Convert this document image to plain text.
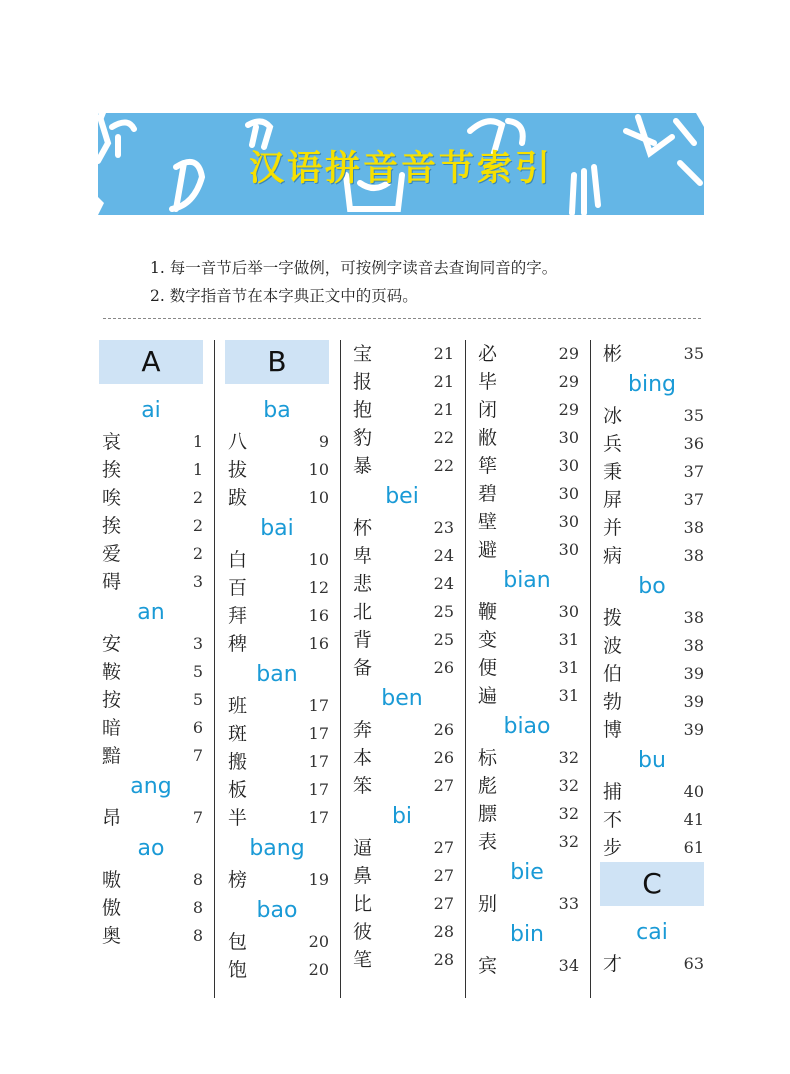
汉语拼音音节索引
1. 每一音节后举一字做例，可按例字读音去查询同音的字。
2. 数字指音节在本字典正文中的页码。
A
ai
哀	1
挨	1
唉	2
挨	2
爱	2
碍	3
an
安	3
鞍	5
按	5
暗	6
黯	7
ang
昂	7
ao
嗷	8
傲	8
奥	8
B
ba
八	9
拔	10
跋	10
bai
白	10
百	12
拜	16
稗	16
ban
班	17
斑	17
搬	17
板	17
半	17
bang
榜	19
bao
包	20
饱	20
宝	21
报	21
抱	21
豹	22
暴	22
bei
杯	23
卑	24
悲	24
北	25
背	25
备	26
ben
奔	26
本	26
笨	27
bi
逼	27
鼻	27
比	27
彼	28
笔	28
必	29
毕	29
闭	29
敝	30
筚	30
碧	30
壁	30
避	30
bian
鞭	30
变	31
便	31
遍	31
biao
标	32
彪	32
膘	32
表	32
bie
别	33
bin
宾	34
彬	35
bing
冰	35
兵	36
秉	37
屏	37
并	38
病	38
bo
拨	38
波	38
伯	39
勃	39
博	39
bu
捕	40
不	41
步	61
C
cai
才	63
